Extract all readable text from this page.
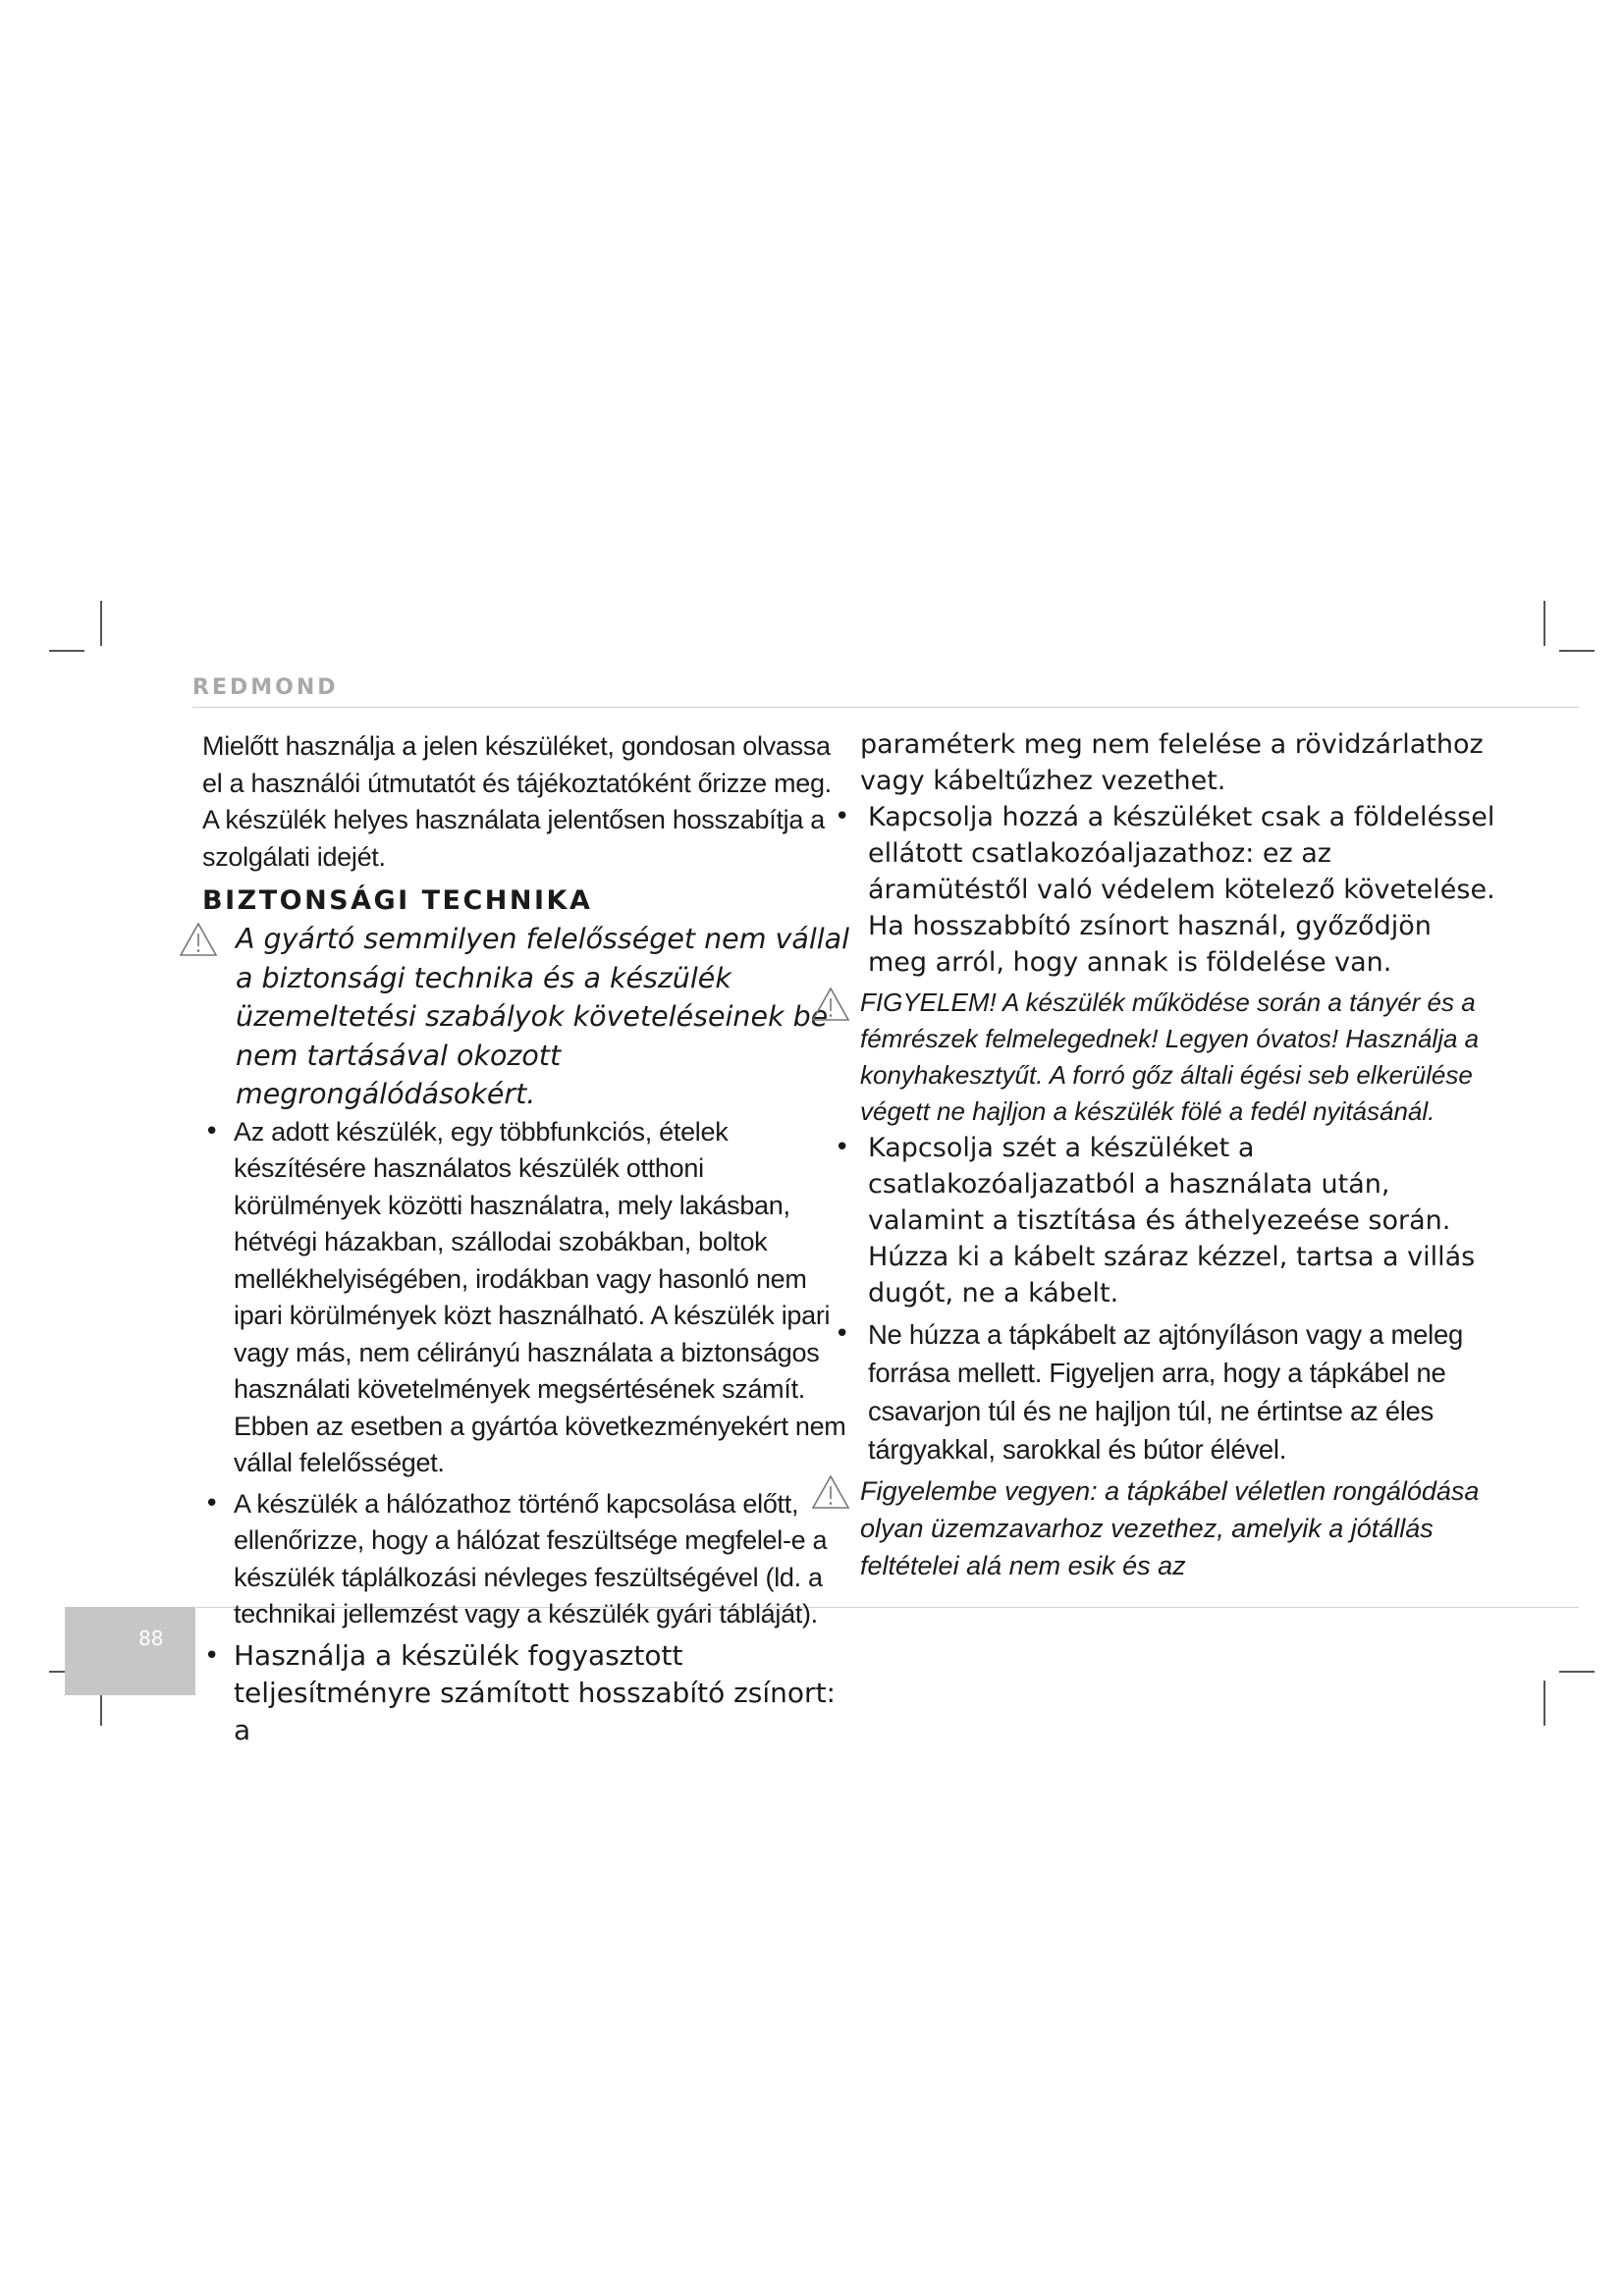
REDMOND

Mielőtt használja a jelen készüléket, gondosan olvassa el a használói útmutatót és tájékoztatóként őrizze meg. A készülék helyes használata jelentősen hosszabítja a szolgálati idejét.

BIZTONSÁGI TECHNIKA

A gyártó semmilyen felelősséget nem vállal a biztonsági technika és a készülék üzemeltetési szabályok követeléseinek be nem tartásával okozott megrongálódásokért.

• Az adott készülék, egy többfunkciós, ételek készítésére használatos készülék otthoni körülmények közötti használatra, mely lakásban, hétvégi házakban, szállodai szobákban, boltok mellékhelyiségében, irodákban vagy hasonló nem ipari körülmények közt használható. A készülék ipari vagy más, nem célirányú használata a biztonságos használati követelmények megsértésének számít. Ebben az esetben a gyártóa következményekért nem vállal felelősséget.
• A készülék a hálózathoz történő kapcsolása előtt, ellenőrizze, hogy a hálózat feszültsége megfelel-e a készülék táplálkozási névleges feszültségével (ld. a technikai jellemzést vagy a készülék gyári tábláját).
• Használja a készülék fogyasztott teljesítményre számított hosszabító zsínort: a

paraméterk meg nem felelése a rövidzárlathoz vagy kábeltűzhez vezethet.

• Kapcsolja hozzá a készüléket csak a földeléssel ellátott csatlakozóaljazathoz: ez az áramütéstől való védelem kötelező követelése. Ha hosszabbító zsínort használ, győződjön meg arról, hogy annak is földelése van.

FIGYELEM! A készülék működése során a tányér és a fémrészek felmelegednek! Legyen óvatos! Használja a konyhakesztyűt. A forró gőz általi égési seb elkerülése végett ne hajljon a készülék fölé a fedél nyitásánál.

• Kapcsolja szét a készüléket a csatlakozóaljazatból a használata után, valamint a tisztítása és áthelyezeése során. Húzza ki a kábelt száraz kézzel, tartsa a villás dugót, ne a kábelt.
• Ne húzza a tápkábelt az ajtónyíláson vagy a meleg forrása mellett. Figyeljen arra, hogy a tápkábel ne csavarjon túl és ne hajljon túl, ne értintse az éles tárgyakkal, sarokkal és bútor élével.

Figyelembe vegyen: a tápkábel véletlen rongálódása olyan üzemzavarhoz vezethez, amelyik a jótállás feltételei alá nem esik és az

88
